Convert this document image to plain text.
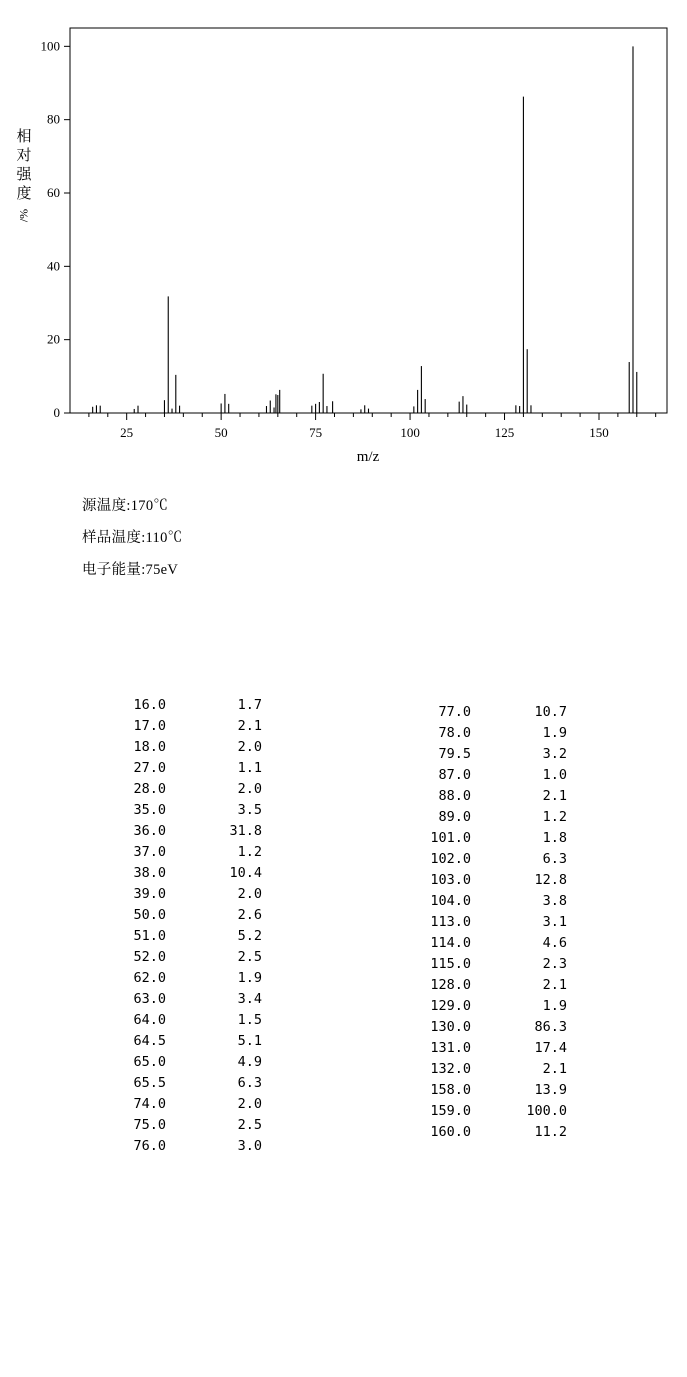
0
20
40
60
80
100
25	50	75	100	125	150
m/z
相
对
强
度
/%
源温度:170℃
样品温度:110℃
电子能量:75eV
16.0	1.7
17.0	2.1
18.0	2.0
27.0	1.1
28.0	2.0
35.0	3.5
36.0	31.8
37.0	1.2
38.0	10.4
39.0	2.0
50.0	2.6
51.0	5.2
52.0	2.5
62.0	1.9
63.0	3.4
64.0	1.5
64.5	5.1
65.0	4.9
65.5	6.3
74.0	2.0
75.0	2.5
76.0	3.0
77.0	10.7
78.0	1.9
79.5	3.2
87.0	1.0
88.0	2.1
89.0	1.2
101.0	1.8
102.0	6.3
103.0	12.8
104.0	3.8
113.0	3.1
114.0	4.6
115.0	2.3
128.0	2.1
129.0	1.9
130.0	86.3
131.0	17.4
132.0	2.1
158.0	13.9
159.0	100.0
160.0	11.2
